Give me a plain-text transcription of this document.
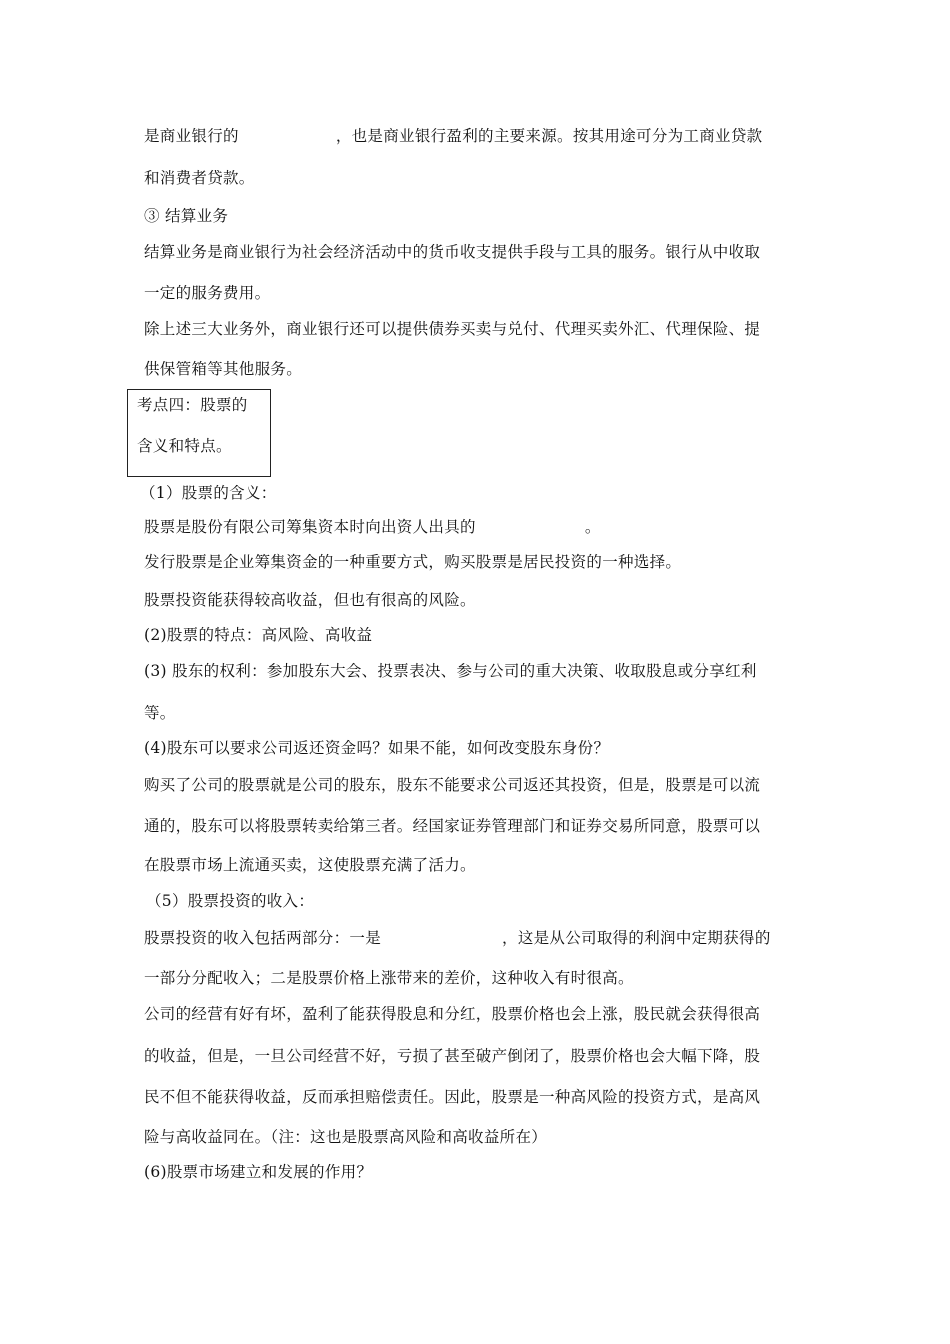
是商业银行的	，也是商业银行盈利的主要来源。按其用途可分为工商业贷款
和消费者贷款。
③ 结算业务
结算业务是商业银行为社会经济活动中的货币收支提供手段与工具的服务。银行从中收取
一定的服务费用。
除上述三大业务外，商业银行还可以提供债券买卖与兑付、代理买卖外汇、代理保险、提
供保管箱等其他服务。
考点四：股票的
含义和特点。
（1）股票的含义：
股票是股份有限公司筹集资本时向出资人出具的	。
发行股票是企业筹集资金的一种重要方式，购买股票是居民投资的一种选择。
股票投资能获得较高收益，但也有很高的风险。
(2)股票的特点：高风险、高收益
(3) 股东的权利：参加股东大会、投票表决、参与公司的重大决策、收取股息或分享红利
等。
(4)股东可以要求公司返还资金吗？如果不能，如何改变股东身份？
购买了公司的股票就是公司的股东，股东不能要求公司返还其投资，但是，股票是可以流
通的，股东可以将股票转卖给第三者。经国家证券管理部门和证券交易所同意，股票可以
在股票市场上流通买卖，这使股票充满了活力。
（5）股票投资的收入：
股票投资的收入包括两部分：一是	，这是从公司取得的利润中定期获得的
一部分分配收入；二是股票价格上涨带来的差价，这种收入有时很高。
公司的经营有好有坏，盈利了能获得股息和分红，股票价格也会上涨，股民就会获得很高
的收益，但是，一旦公司经营不好，亏损了甚至破产倒闭了，股票价格也会大幅下降，股
民不但不能获得收益，反而承担赔偿责任。因此，股票是一种高风险的投资方式，是高风
险与高收益同在。（注：这也是股票高风险和高收益所在）
(6)股票市场建立和发展的作用？
